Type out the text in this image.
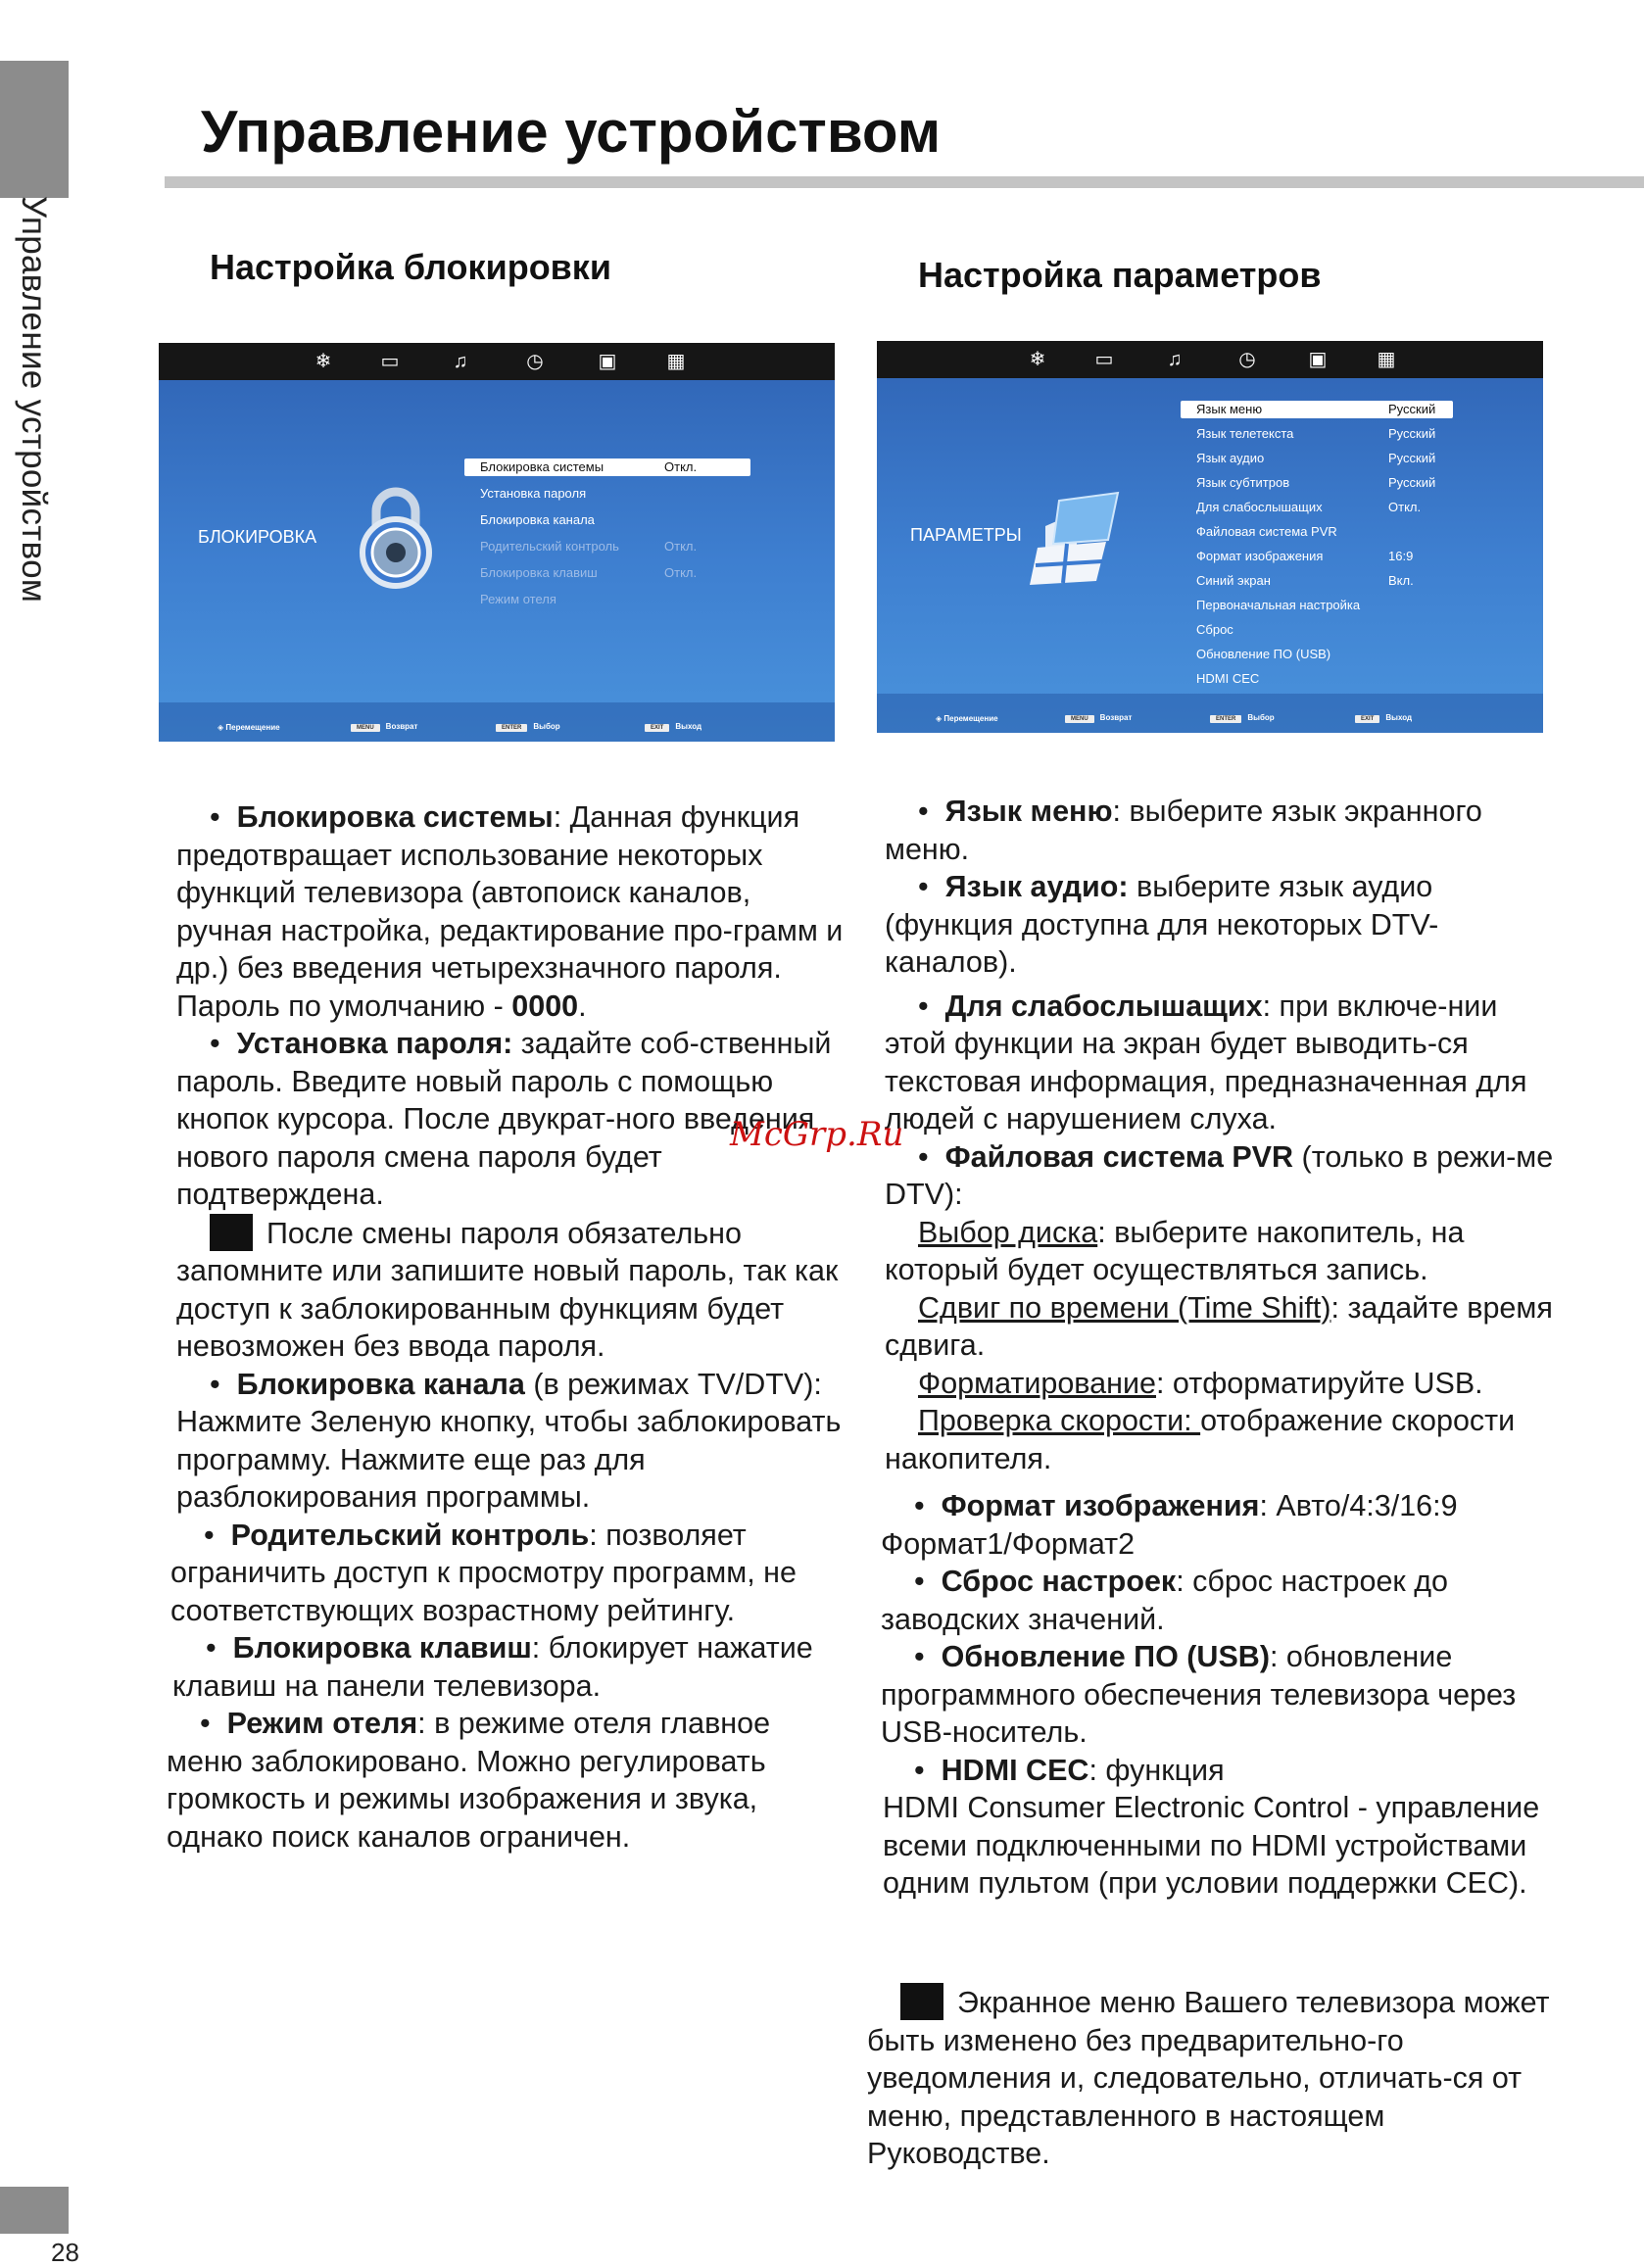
Управление устройством
28
Управление устройством
Настройка блокировки	Настройка параметров
❄	▭	♫	◷	▣	▦
БЛОКИРОВКА
Блокировка системы	Откл.
Установка пароля
Блокировка канала
Родительский контроль	Откл.
Блокировка клавиш	Откл.
Режим отеля
◈ Перемещение	MENU Возврат	ENTER Выбор	EXIT Выход
❄	▭	♫	◷	▣	▦
ПАРАМЕТРЫ
Язык меню	Русский
Язык телетекста	Русский
Язык аудио	Русский
Язык субтитров	Русский
Для слабослышащих	Откл.
Файловая система PVR
Формат изображения	16:9
Синий экран	Вкл.
Первоначальная настройка
Сброс
Обновление ПО (USB)
HDMI CEC
◈ Перемещение	MENU Возврат	ENTER Выбор	EXIT Выход
•  Блокировка системы: Данная функция предотвращает использование некоторых функций телевизора (автопоиск каналов, ручная настройка, редактирование про-грамм и др.) без введения четырехзначного пароля. Пароль по умолчанию - 0000.
•  Установка пароля: задайте соб-ственный пароль. Введите новый пароль с помощью кнопок курсора. После двукрат-ного введения нового пароля смена пароля будет подтверждена.
После смены пароля обязательно запомните или запишите новый пароль, так как доступ к заблокированным функциям будет невозможен без ввода пароля.
•  Блокировка канала (в режимах TV/DTV): Нажмите Зеленую кнопку, чтобы заблокировать программу. Нажмите еще раз для разблокирования программы.
•  Родительский контроль: позволяет ограничить доступ к просмотру программ, не соответствующих возрастному рейтингу.
•  Блокировка клавиш: блокирует нажатие клавиш на панели телевизора.
•  Режим отеля: в режиме отеля главное меню заблокировано. Можно регулировать громкость и режимы изображения и звука, однако поиск каналов ограничен.
•  Язык меню: выберите язык экранного меню.
•  Язык аудио: выберите язык аудио (функция доступна для некоторых DTV-каналов).
•  Для слабослышащих: при включе-нии этой функции на экран будет выводить-ся текстовая информация, предназначенная для людей с нарушением слуха.
•  Файловая система PVR (только в режи-ме DTV):
Выбор диска: выберите накопитель, на который будет осуществляться запись.
Сдвиг по времени (Time Shift): задайте время сдвига.
Форматирование: отформатируйте USB.
Проверка скорости: отображение скорости накопителя.
•  Формат изображения: Авто/4:3/16:9 Формат1/Формат2
•  Сброс настроек: сброс настроек до заводских значений.
•  Обновление ПО (USB): обновление программного обеспечения телевизора через USB-носитель.
•  HDMI CEC: функция
HDMI Consumer Electronic Control - управление всеми подключенными по HDMI устройствами одним пультом (при условии поддержки CEC).
Экранное меню Вашего телевизора может быть изменено без предварительно-го уведомления и, следовательно, отличать-ся от меню, представленного в настоящем Руководстве.
McGrp.Ru
